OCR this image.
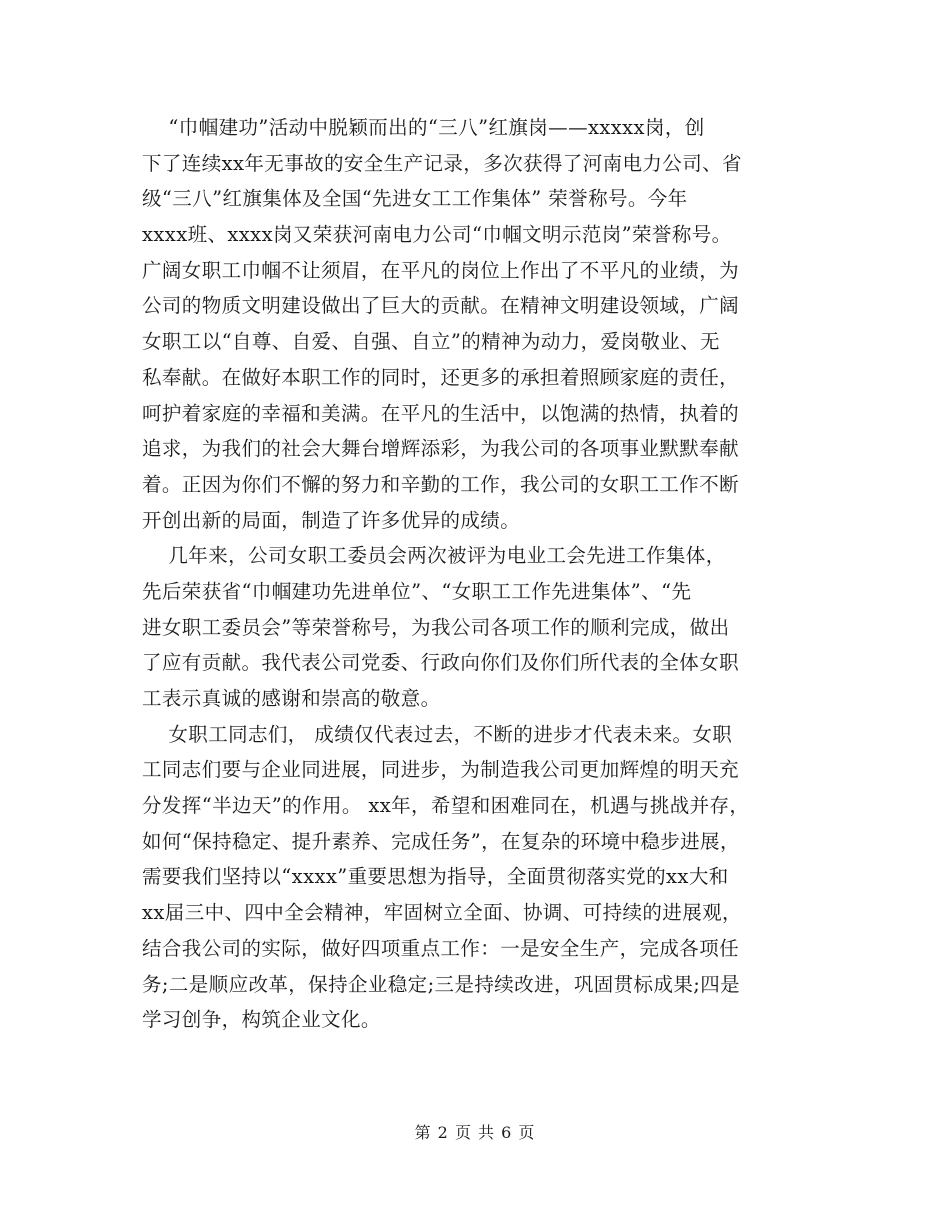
“巾帼建功”活动中脱颖而出的“三八”红旗岗——xxxxx岗，创
下了连续xx年无事故的安全生产记录，多次获得了河南电力公司、省
级“三八”红旗集体及全国“先进女工工作集体” 荣誉称号。今年
xxxx班、xxxx岗又荣获河南电力公司“巾帼文明示范岗”荣誉称号。
广阔女职工巾帼不让须眉，在平凡的岗位上作出了不平凡的业绩，为
公司的物质文明建设做出了巨大的贡献。在精神文明建设领域，广阔
女职工以“自尊、自爱、自强、自立”的精神为动力，爱岗敬业、无
私奉献。在做好本职工作的同时，还更多的承担着照顾家庭的责任，
呵护着家庭的幸福和美满。在平凡的生活中，以饱满的热情，执着的
追求，为我们的社会大舞台增辉添彩，为我公司的各项事业默默奉献
着。正因为你们不懈的努力和辛勤的工作，我公司的女职工工作不断
开创出新的局面，制造了许多优异的成绩。
几年来，公司女职工委员会两次被评为电业工会先进工作集体，
先后荣获省“巾帼建功先进单位”、“女职工工作先进集体”、“先
进女职工委员会”等荣誉称号，为我公司各项工作的顺利完成，做出
了应有贡献。我代表公司党委、行政向你们及你们所代表的全体女职
工表示真诚的感谢和崇高的敬意。
女职工同志们， 成绩仅代表过去，不断的进步才代表未来。女职
工同志们要与企业同进展，同进步，为制造我公司更加辉煌的明天充
分发挥“半边天”的作用。 xx年，希望和困难同在，机遇与挑战并存，
如何“保持稳定、提升素养、完成任务”，在复杂的环境中稳步进展，
需要我们坚持以“xxxx”重要思想为指导，全面贯彻落实党的xx大和
xx届三中、四中全会精神，牢固树立全面、协调、可持续的进展观，
结合我公司的实际，做好四项重点工作：一是安全生产，完成各项任
务;二是顺应改革，保持企业稳定;三是持续改进，巩固贯标成果;四是
学习创争，构筑企业文化。
第 2 页 共 6 页
